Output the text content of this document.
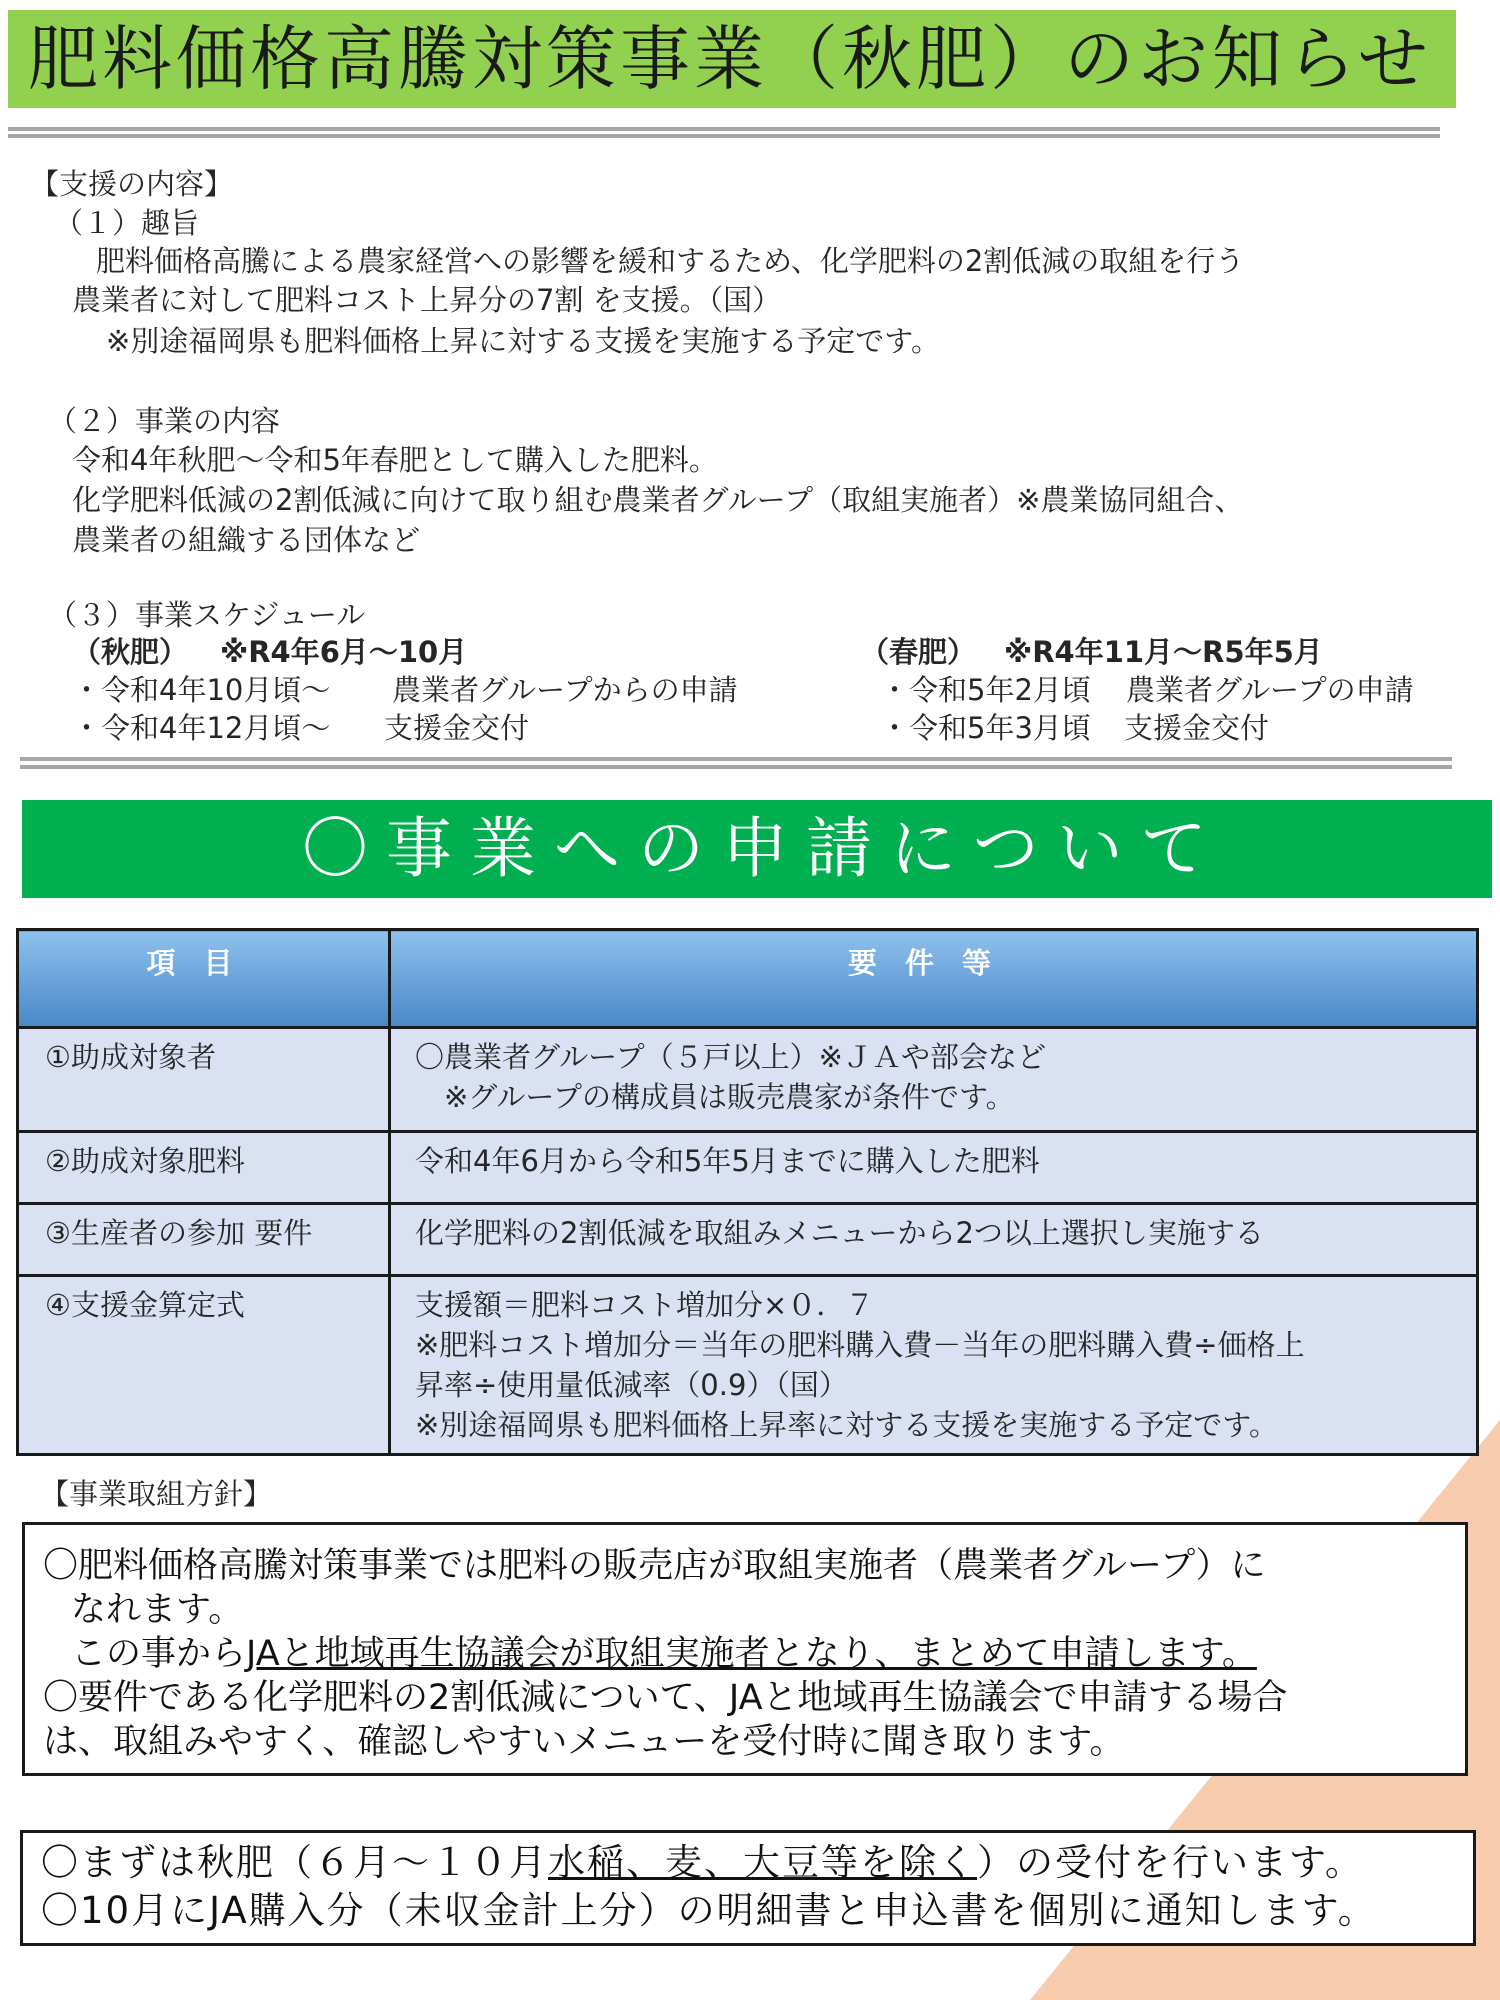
肥料価格高騰対策事業（秋肥）のお知らせ
【支援の内容】
（１）趣旨
肥料価格高騰による農家経営への影響を緩和するため、化学肥料の2割低減の取組を行う
農業者に対して肥料コスト上昇分の7割 を支援。（国）
※別途福岡県も肥料価格上昇に対する支援を実施する予定です。
（２）事業の内容
令和4年秋肥～令和5年春肥として購入した肥料。
化学肥料低減の2割低減に向けて取り組む農業者グループ（取組実施者）※農業協同組合、
農業者の組織する団体など
（３）事業スケジュール
（秋肥） ※R4年6月～10月
・令和4年10月頃～ 農業者グループからの申請
・令和4年12月頃～ 支援金交付
（春肥） ※R4年11月～R5年5月
・令和5年2月頃 農業者グループの申請
・令和5年3月頃 支援金交付
〇事業への申請について
項目	要件等
①助成対象者	〇農業者グループ（５戸以上）※ＪＡや部会など
　※グループの構成員は販売農家が条件です。

②助成対象肥料	令和4年6月から令和5年5月までに購入した肥料

③生産者の参加 要件	化学肥料の2割低減を取組みメニューから2つ以上選択し実施する

④支援金算定式	支援額＝肥料コスト増加分×０．７
※肥料コスト増加分＝当年の肥料購入費－当年の肥料購入費÷価格上
昇率÷使用量低減率（0.9）（国）
※別途福岡県も肥料価格上昇率に対する支援を実施する予定です。
【事業取組方針】
〇肥料価格高騰対策事業では肥料の販売店が取組実施者（農業者グループ）に
なれます。
この事からJAと地域再生協議会が取組実施者となり、まとめて申請します。
〇要件である化学肥料の2割低減について、JAと地域再生協議会で申請する場合
は、取組みやすく、確認しやすいメニューを受付時に聞き取ります。
〇まずは秋肥（６月～１０月水稲、麦、大豆等を除く）の受付を行います。
〇10月にJA購入分（未収金計上分）の明細書と申込書を個別に通知します。
